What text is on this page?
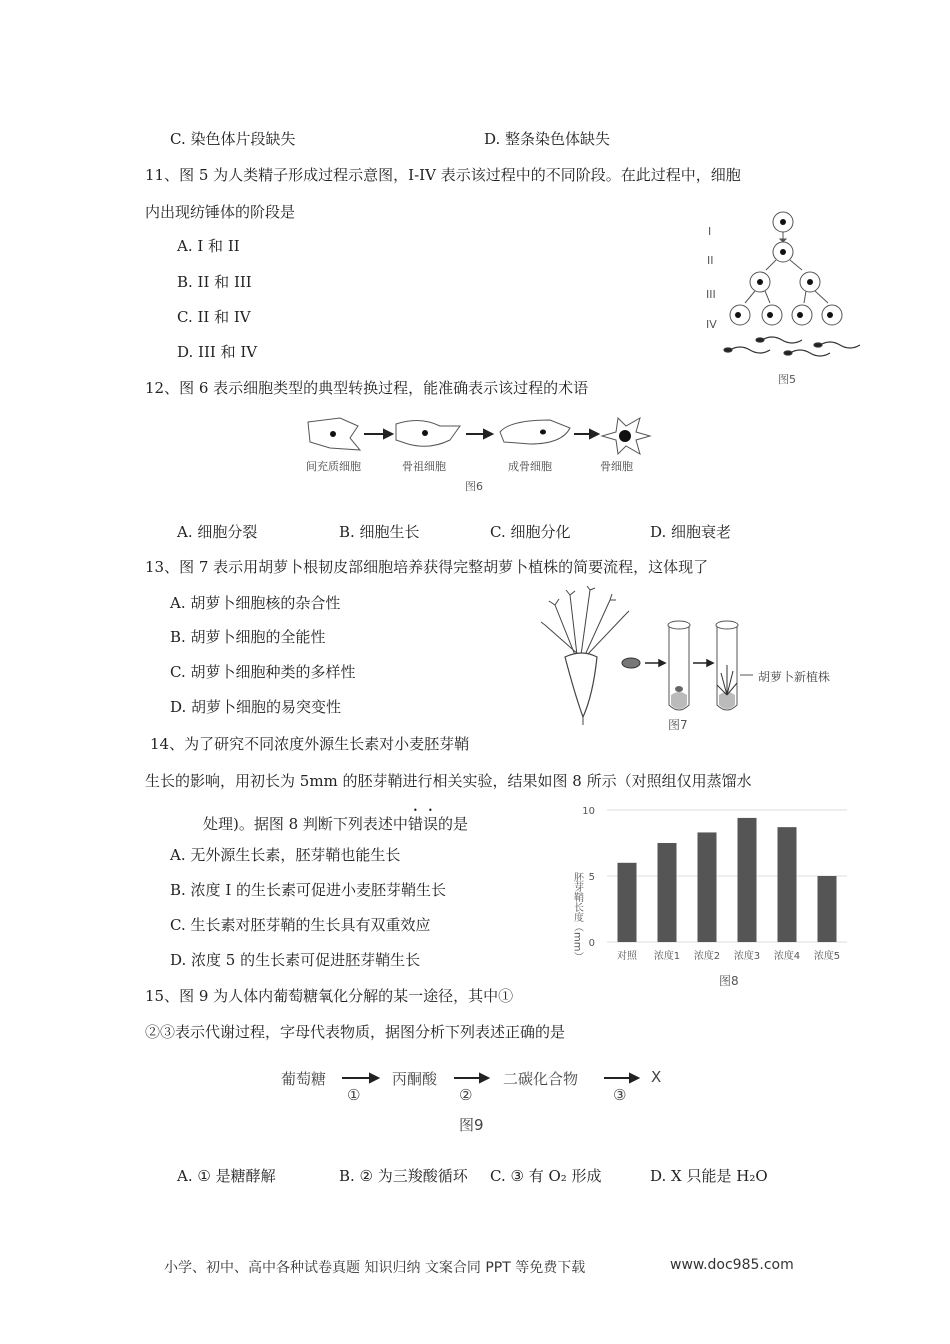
C. 染色体片段缺失	D. 整条染色体缺失
11、图 5 为人类精子形成过程示意图，I-IV 表示该过程中的不同阶段。在此过程中，细胞
内出现纺锤体的阶段是
A. I 和 II
B. II 和 III
C. II 和 IV
D. III 和 IV
I
II
III
IV
图5
12、图 6 表示细胞类型的典型转换过程，能准确表示该过程的术语
间充质细胞	骨祖细胞	成骨细胞	骨细胞
图6
A. 细胞分裂	B. 细胞生长	C. 细胞分化	D. 细胞衰老
13、图 7 表示用胡萝卜根韧皮部细胞培养获得完整胡萝卜植株的简要流程，这体现了
A. 胡萝卜细胞核的杂合性
B. 胡萝卜细胞的全能性
C. 胡萝卜细胞种类的多样性
D. 胡萝卜细胞的易突变性
胡萝卜新植株
图7
14、为了研究不同浓度外源生长素对小麦胚芽鞘
生长的影响，用初长为 5mm 的胚芽鞘进行相关实验，结果如图 8 所示（对照组仅用蒸馏水
处理)。据图 8 判断下列表述中错误的是
A. 无外源生长素，胚芽鞘也能生长
B. 浓度 I 的生长素可促进小麦胚芽鞘生长
C. 生长素对胚芽鞘的生长具有双重效应
D. 浓度 5 的生长素可促进胚芽鞘生长	胚芽鞘长度（mm） 0
5
10
对照 浓度1 浓度2 浓度3 浓度4 浓度5
图8
15、图 9 为人体内葡萄糖氧化分解的某一途径，其中①
②③表示代谢过程，字母代表物质，据图分析下列表述正确的是
葡萄糖	丙酮酸	二碳化合物	X
①	②	③
图9
A. ① 是糖酵解	B. ② 为三羧酸循环 C. ③ 有 O₂ 形成	D. X 只能是 H₂O
小学、初中、高中各种试卷真题 知识归纳 文案合同 PPT 等免费下载	www.doc985.com
